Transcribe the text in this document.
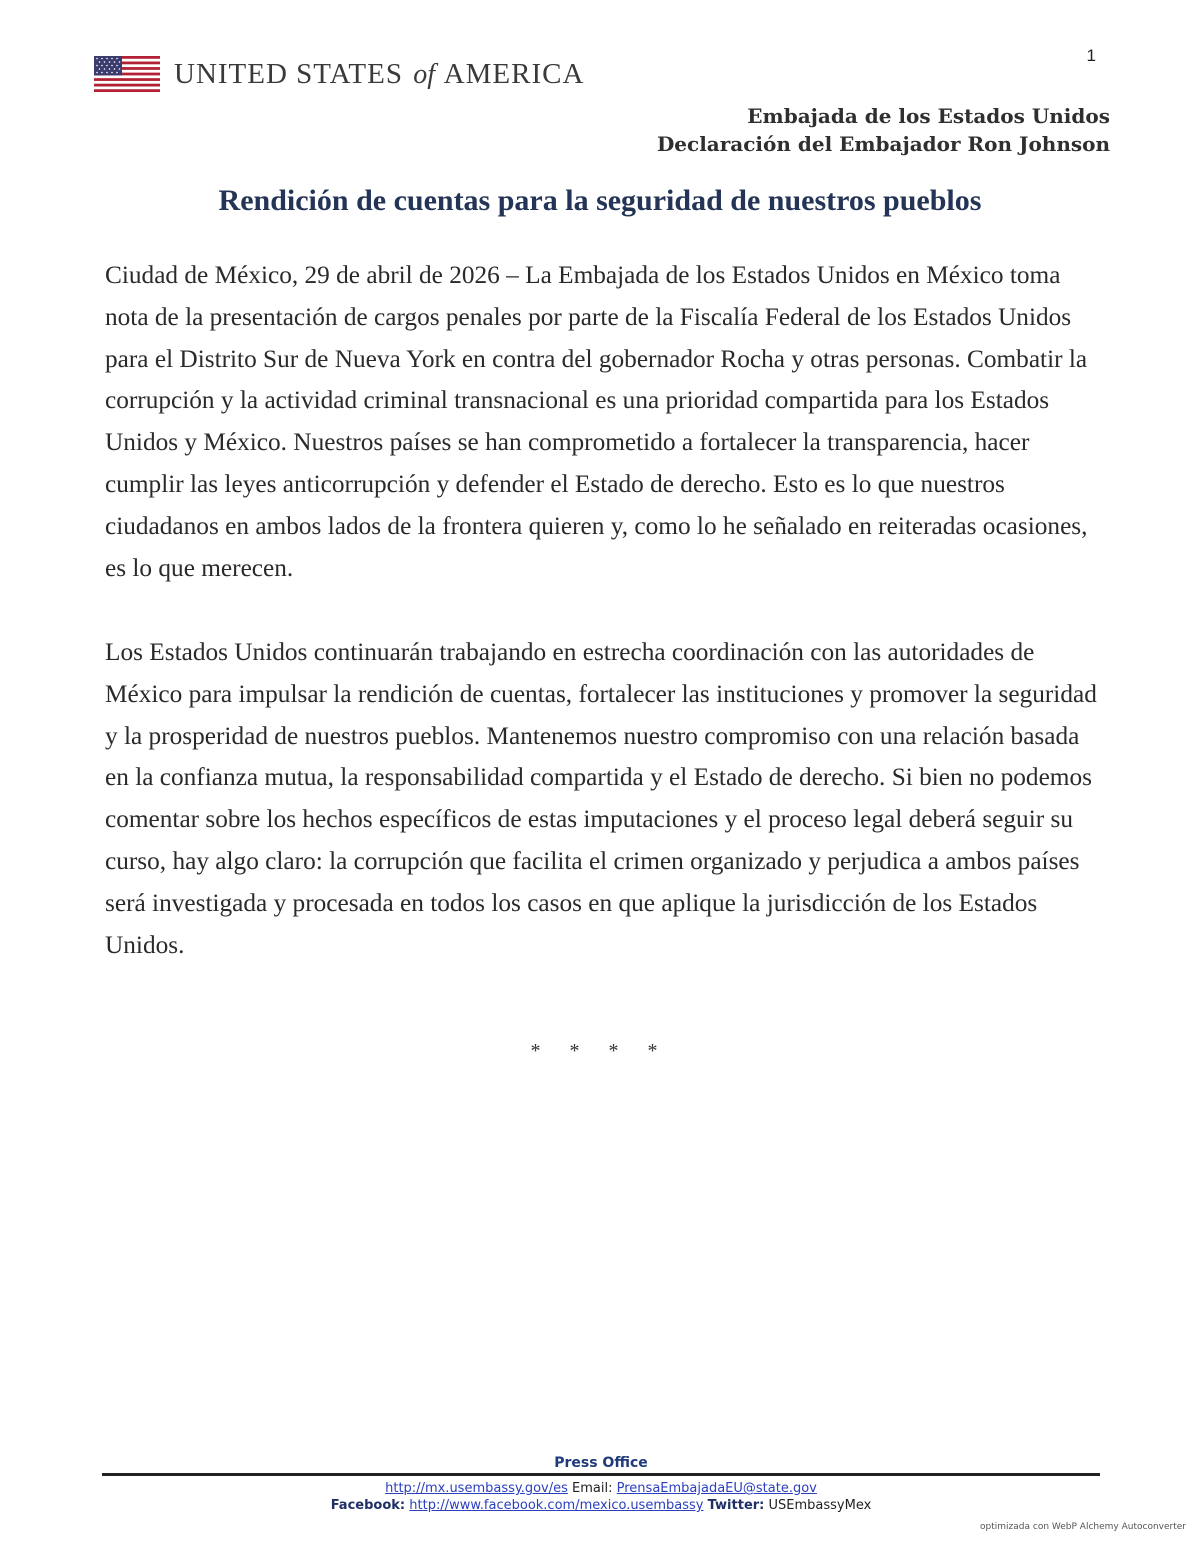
1
UNITED STATES of AMERICA
Embajada de los Estados Unidos
Declaración del Embajador Ron Johnson
Rendición de cuentas para la seguridad de nuestros pueblos

Ciudad de México, 29 de abril de 2026 – La Embajada de los Estados Unidos en México toma nota de la presentación de cargos penales por parte de la Fiscalía Federal de los Estados Unidos para el Distrito Sur de Nueva York en contra del gobernador Rocha y otras personas. Combatir la corrupción y la actividad criminal transnacional es una prioridad compartida para los Estados Unidos y México. Nuestros países se han comprometido a fortalecer la transparencia, hacer cumplir las leyes anticorrupción y defender el Estado de derecho. Esto es lo que nuestros ciudadanos en ambos lados de la frontera quieren y, como lo he señalado en reiteradas ocasiones, es lo que merecen.

Los Estados Unidos continuarán trabajando en estrecha coordinación con las autoridades de México para impulsar la rendición de cuentas, fortalecer las instituciones y promover la seguridad y la prosperidad de nuestros pueblos. Mantenemos nuestro compromiso con una relación basada en la confianza mutua, la responsabilidad compartida y el Estado de derecho. Si bien no podemos comentar sobre los hechos específicos de estas imputaciones y el proceso legal deberá seguir su curso, hay algo claro: la corrupción que facilita el crimen organizado y perjudica a ambos países será investigada y procesada en todos los casos en que aplique la jurisdicción de los Estados Unidos.

* * * *
Press Office
http://mx.usembassy.gov/es Email: PrensaEmbajadaEU@state.gov
Facebook: http://www.facebook.com/mexico.usembassy Twitter: USEmbassyMex
optimizada con WebP Alchemy Autoconverter
